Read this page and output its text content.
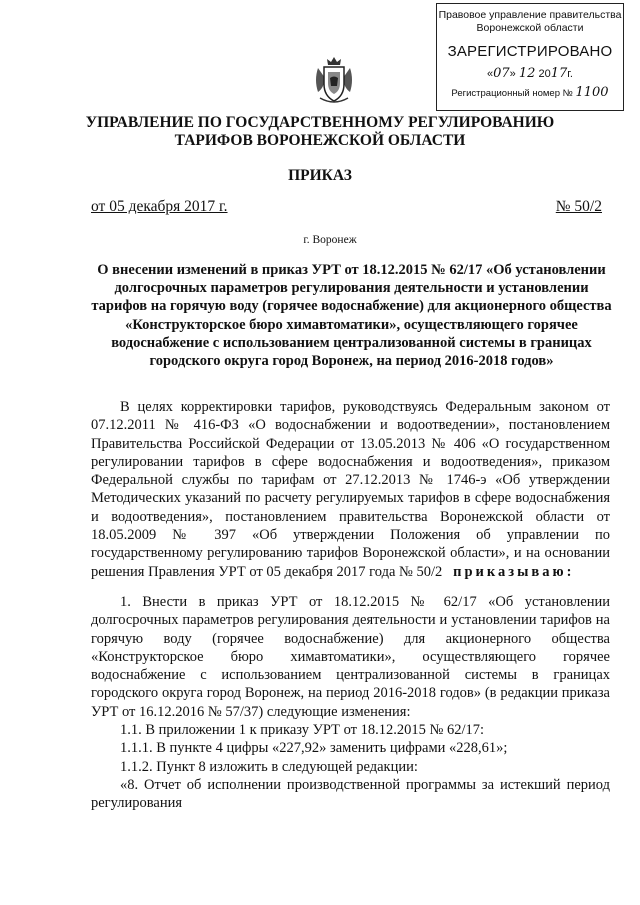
Правовое управление правительства
Воронежской области
ЗАРЕГИСТРИРОВАНО
«07» 12 2017г.
Регистрационный номер № 1100
УПРАВЛЕНИЕ ПО ГОСУДАРСТВЕННОМУ РЕГУЛИРОВАНИЮ
ТАРИФОВ ВОРОНЕЖСКОЙ ОБЛАСТИ
ПРИКАЗ
от 05 декабря 2017 г.	№ 50/2
г. Воронеж
О внесении изменений в приказ УРТ от 18.12.2015 № 62/17 «Об установлении долгосрочных параметров регулирования деятельности и установлении тарифов на горячую воду (горячее водоснабжение) для акционерного общества «Конструкторское бюро химавтоматики», осуществляющего горячее водоснабжение с использованием централизованной системы в границах городского округа город Воронеж, на период 2016-2018 годов»

В целях корректировки тарифов, руководствуясь Федеральным законом от 07.12.2011 № 416-ФЗ «О водоснабжении и водоотведении», постановлением Правительства Российской Федерации от 13.05.2013 № 406 «О государственном регулировании тарифов в сфере водоснабжения и водоотведения», приказом Федеральной службы по тарифам от 27.12.2013 № 1746-э «Об утверждении Методических указаний по расчету регулируемых тарифов в сфере водоснабжения и водоотведения», постановлением правительства Воронежской области от 18.05.2009 № 397 «Об утверждении Положения об управлении по государственному регулированию тарифов Воронежской области», и на основании решения Правления УРТ от 05 декабря 2017 года № 50/2 приказываю:

1. Внести в приказ УРТ от 18.12.2015 № 62/17 «Об установлении долгосрочных параметров регулирования деятельности и установлении тарифов на горячую воду (горячее водоснабжение) для акционерного общества «Конструкторское бюро химавтоматики», осуществляющего горячее водоснабжение с использованием централизованной системы в границах городского округа город Воронеж, на период 2016-2018 годов» (в редакции приказа УРТ от 16.12.2016 № 57/37) следующие изменения:

1.1. В приложении 1 к приказу УРТ от 18.12.2015 № 62/17:

1.1.1. В пункте 4 цифры «227,92» заменить цифрами «228,61»;

1.1.2. Пункт 8 изложить в следующей редакции:

«8. Отчет об исполнении производственной программы за истекший период регулирования
